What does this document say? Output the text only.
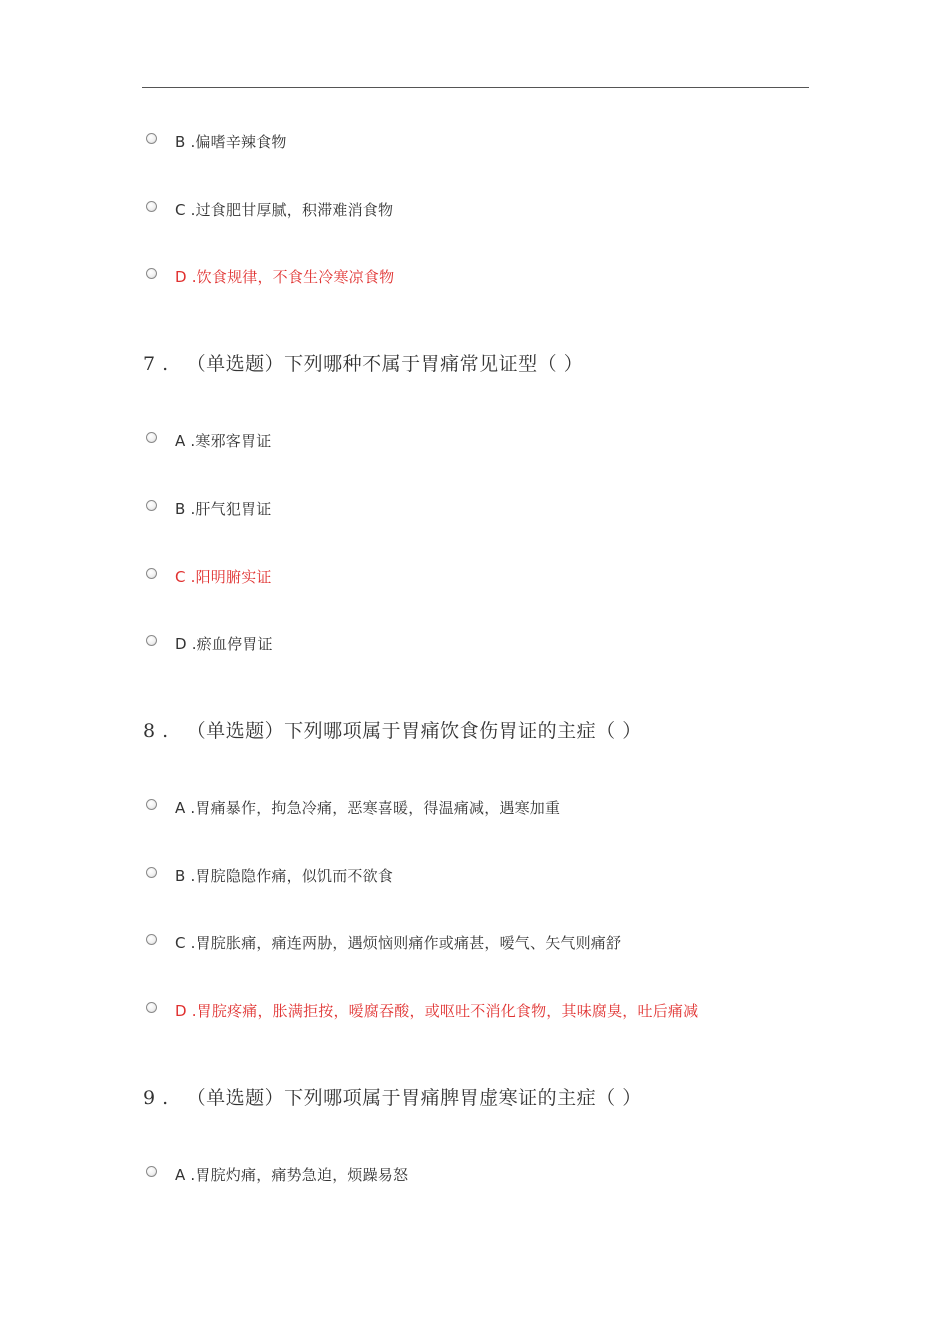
B .偏嗜辛辣食物
C .过食肥甘厚腻，积滞难消食物
D .饮食规律，不食生冷寒凉食物
7 . （单选题）下列哪种不属于胃痛常见证型（ ）
A .寒邪客胃证
B .肝气犯胃证
C .阳明腑实证
D .瘀血停胃证
8 . （单选题）下列哪项属于胃痛饮食伤胃证的主症（ ）
A .胃痛暴作，拘急冷痛，恶寒喜暖，得温痛减，遇寒加重
B .胃脘隐隐作痛，似饥而不欲食
C .胃脘胀痛，痛连两胁，遇烦恼则痛作或痛甚，嗳气、矢气则痛舒
D .胃脘疼痛，胀满拒按，嗳腐吞酸，或呕吐不消化食物，其味腐臭，吐后痛减
9 . （单选题）下列哪项属于胃痛脾胃虚寒证的主症（ ）
A .胃脘灼痛，痛势急迫，烦躁易怒
